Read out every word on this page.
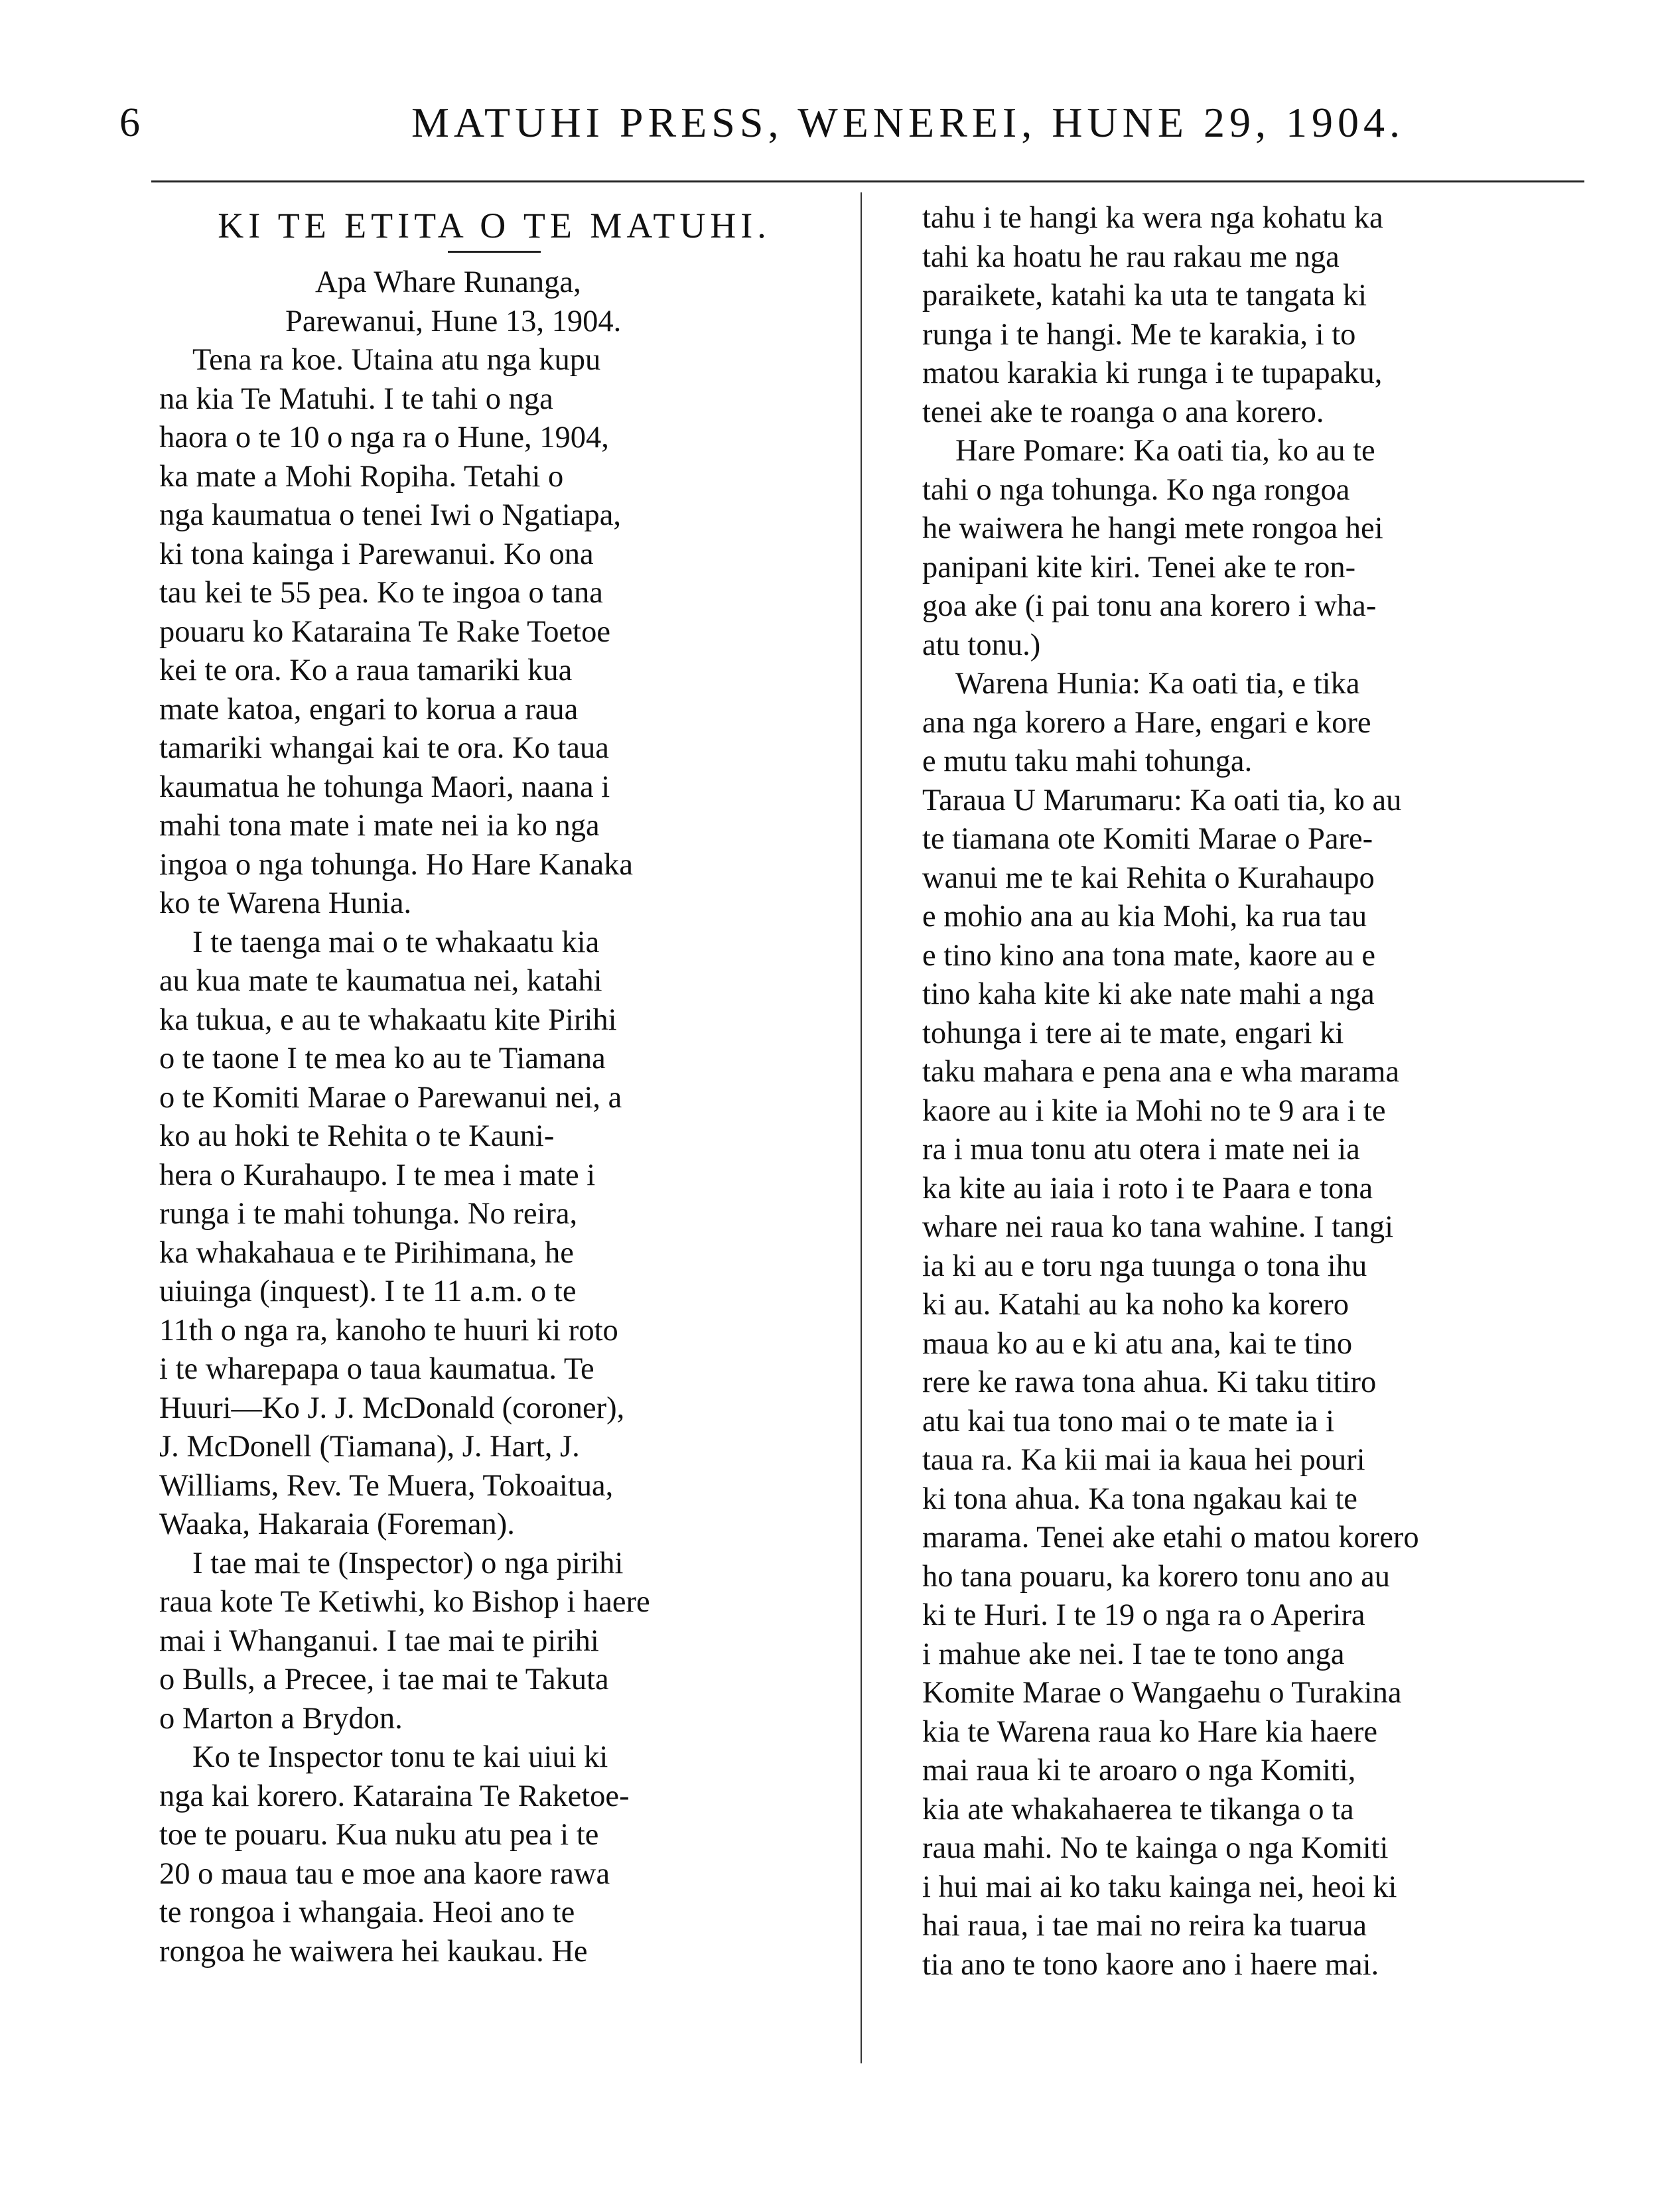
6	MATUHI PRESS, WENEREI, HUNE 29, 1904.
KI TE ETITA O TE MATUHI.
Apa Whare Runanga,
Parewanui, Hune 13, 1904.
Tena ra koe. Utaina atu nga kupu
na kia Te Matuhi. I te tahi o nga
haora o te 10 o nga ra o Hune, 1904,
ka mate a Mohi Ropiha. Tetahi o
nga kaumatua o tenei Iwi o Ngatiapa,
ki tona kainga i Parewanui. Ko ona
tau kei te 55 pea. Ko te ingoa o tana
pouaru ko Kataraina Te Rake Toetoe
kei te ora. Ko a raua tamariki kua
mate katoa, engari to koruа a raua
tamariki whangai kai te ora. Ko taua
kaumatua he tohunga Maori, naana i
mahi tona mate i mate nei ia ko nga
ingoa o nga tohunga. Ho Hare Kanaka
ko te Warena Hunia.
I te taenga mai o te whakaatu kia
au kua mate te kaumatua nei, katahi
ka tukua, e au te whakaatu kite Pirihi
o te taone I te mea ko au te Tiamana
o te Komiti Marae o Parewanui nei, a
ko au hoki te Rehita o te Kauni-
hera o Kurahaupo. I te mea i mate i
runga i te mahi tohunga. No reira,
ka whakahaua e te Pirihimana, he
uiuinga (inquest). I te 11 a.m. o te
11th o nga ra, kanoho te huuri ki roto
i te wharepapa o taua kaumatua. Te
Huuri—Ko J. J. McDonald (coroner),
J. McDonell (Tiamana), J. Hart, J.
Williams, Rev. Te Muera, Tokoaitua,
Waaka, Hakaraia (Foreman).
I tae mai te (Inspector) o nga pirihi
raua kote Te Ketiwhi, ko Bishop i haere
mai i Whanganui. I tae mai te pirihi
o Bulls, a Precee, i tae mai te Takuta
o Marton a Brydon.
Ko te Inspector tonu te kai uiui ki
nga kai korero. Kataraina Te Raketoe-
toe te pouaru. Kua nuku atu pea i te
20 o maua tau e moe ana kaore rawa
te rongoa i whangaia. Heoi ano te
rongoa he waiwera hei kaukau. He
tahu i te hangi ka wera nga kohatu ka
tahi ka hoatu he rau rakau me nga
paraikete, katahi ka uta te tangata ki
runga i te hangi. Me te karakia, i to
matou karakia ki runga i te tupapaku,
tenei ake te roanga o ana korero.
Hare Pomare: Ka oati tia, ko au te
tahi o nga tohunga. Ko nga rongoa
he waiwera he hangi mete rongoa hei
panipani kite kiri. Tenei ake te ron-
goa ake (i pai tonu ana korero i wha-
atu tonu.)
Warena Hunia: Ka oati tia, e tika
ana nga korero a Hare, engari e kore
e mutu taku mahi tohunga.
Taraua U Marumaru: Ka oati tia, ko au
te tiamana ote Komiti Marae o Pare-
wanui me te kai Rehita o Kurahaupo
e mohio ana au kia Mohi, ka rua tau
e tino kino ana tona mate, kaore au e
tino kaha kite ki ake nate mahi a nga
tohunga i tere ai te mate, engari ki
taku mahara e pena ana e wha marama
kaore au i kite ia Mohi no te 9 ara i te
ra i mua tonu atu otera i mate nei ia
ka kite au iaia i roto i te Paara e tona
whare nei raua ko tana wahine. I tangi
ia ki au e toru nga tuunga o tona ihu
ki au. Katahi au ka noho ka korero
maua ko au e ki atu ana, kai te tino
rere ke rawa tona ahua. Ki taku titiro
atu kai tua tono mai o te mate ia i
taua ra. Ka kii mai ia kaua hei pouri
ki tona ahua. Ka tona ngakau kai te
marama. Tenei ake etahi o matou korero
ho tana pouaru, ka korero tonu ano au
ki te Huri. I te 19 o nga ra o Aperira
i mahue ake nei. I tae te tono anga
Komite Marae o Wangaehu o Turakina
kia te Warena raua ko Hare kia haere
mai raua ki te aroaro o nga Komiti,
kia ate whakahaerea te tikanga o ta
raua mahi. No te kainga o nga Komiti
i hui mai ai ko taku kainga nei, heoi ki
hai raua, i tae mai no reira ka tuarua
tia ano te tono kaore ano i haere mai.
